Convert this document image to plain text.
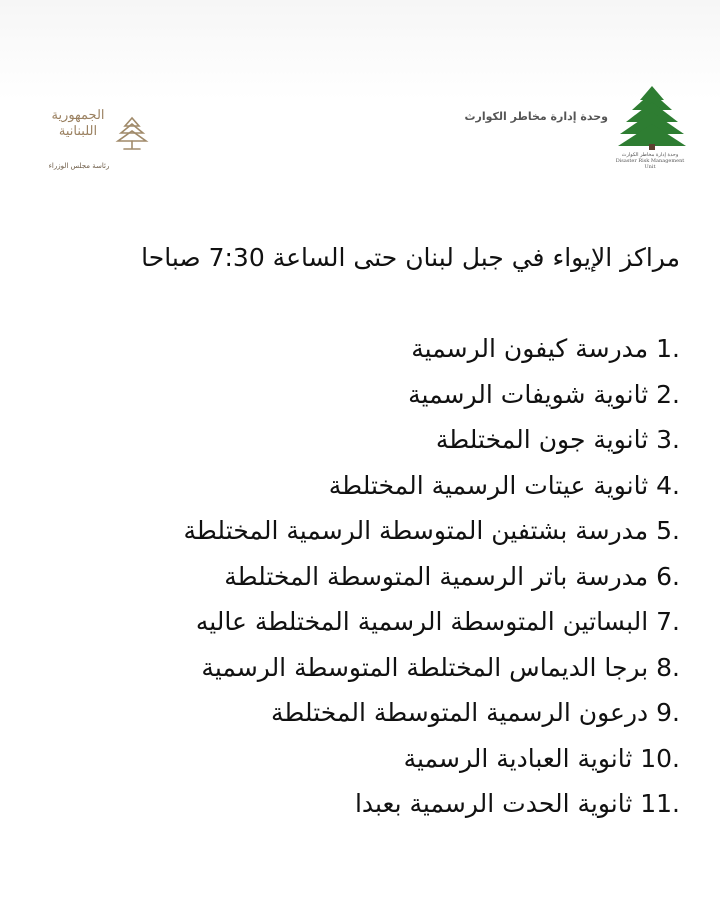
وحدة إدارة مخاطر الكوارث
وحدة إدارة مخاطر الكوارث
Disaster Risk Management Unit
الجمهورية
اللبنانية
رئاسة مجلس الوزراء
مراكز الإيواء في جبل لبنان حتى الساعة 7:30 صباحا
1. مدرسة كيفون الرسمية
2. ثانوية شويفات الرسمية
3. ثانوية جون المختلطة
4. ثانوية عيتات الرسمية المختلطة
5. مدرسة بشتفين المتوسطة الرسمية المختلطة
6. مدرسة باتر الرسمية المتوسطة المختلطة
7. البساتين المتوسطة الرسمية المختلطة عاليه
8. برجا الديماس المختلطة المتوسطة الرسمية
9. درعون الرسمية المتوسطة المختلطة
10. ثانوية العبادية الرسمية
11. ثانوية الحدت الرسمية بعبدا
